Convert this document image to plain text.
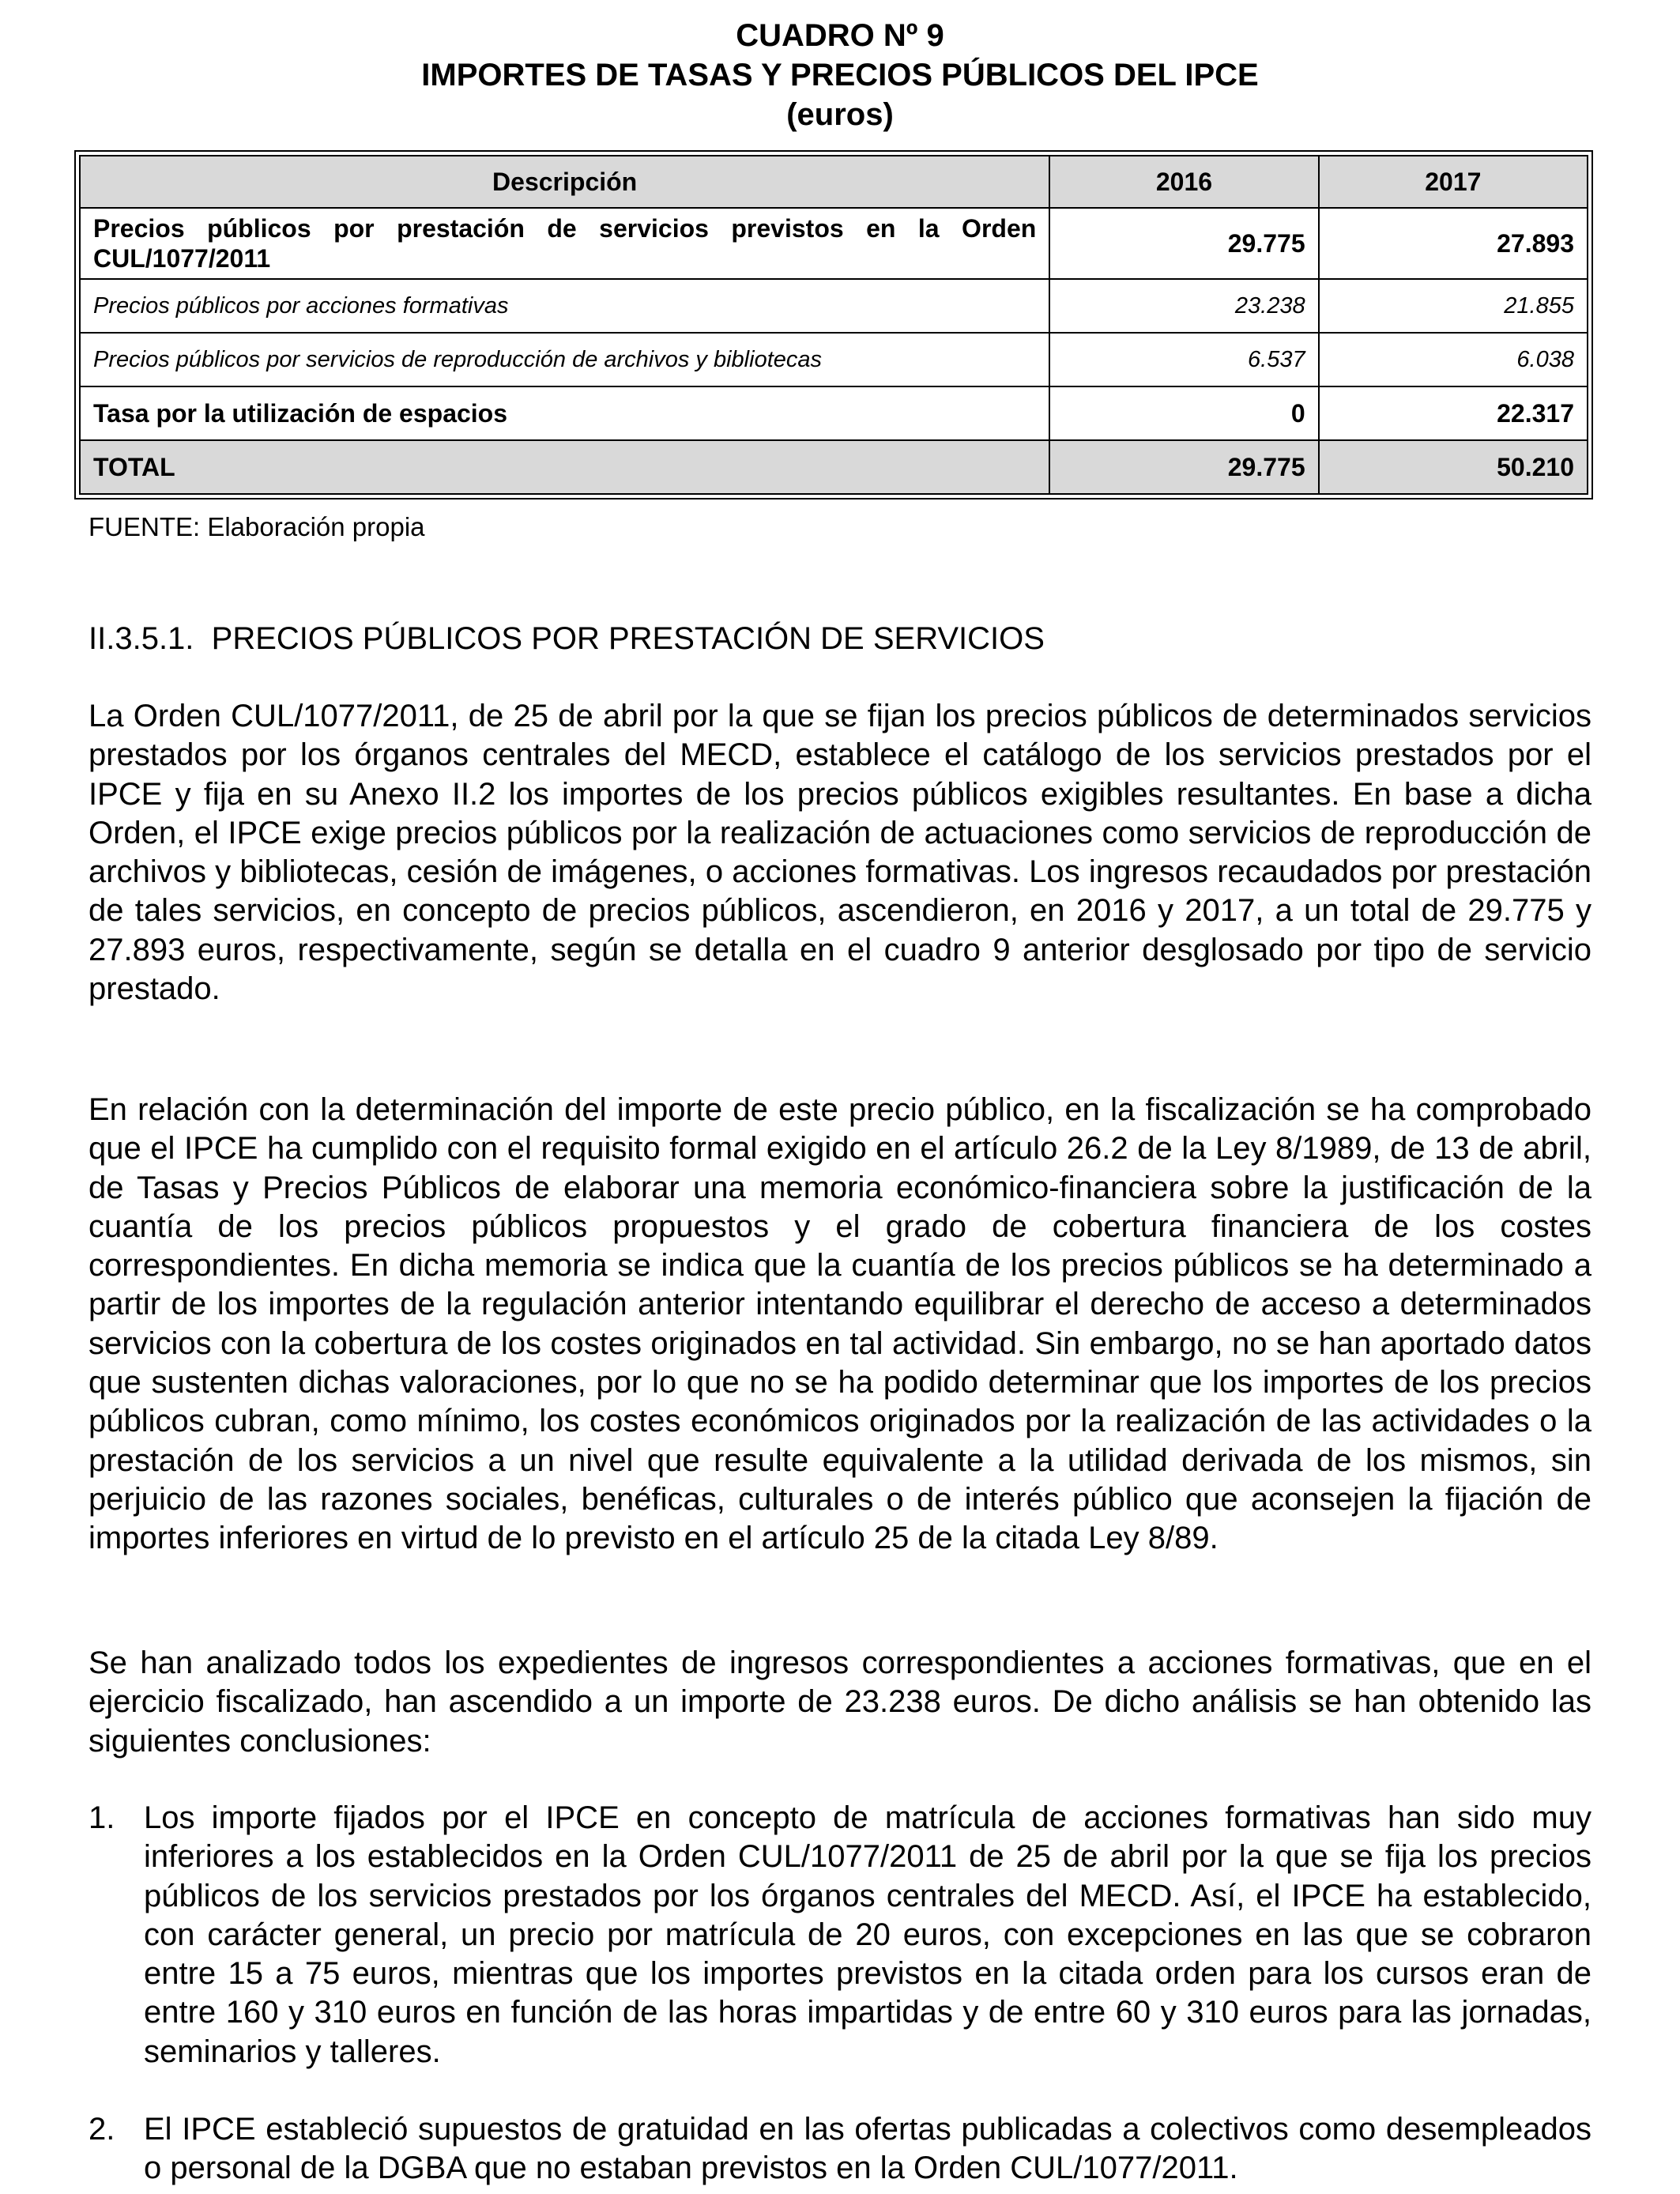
CUADRO Nº 9
IMPORTES DE TASAS Y PRECIOS PÚBLICOS DEL IPCE
(euros)
Descripción	2016	2017
Precios públicos por prestación de servicios previstos en la Orden CUL/1077/2011	29.775	27.893
Precios públicos por acciones formativas	23.238	21.855
Precios públicos por servicios de reproducción de archivos y bibliotecas	6.537	6.038
Tasa por la utilización de espacios	0	22.317
TOTAL	29.775	50.210
FUENTE: Elaboración propia
II.3.5.1.  PRECIOS PÚBLICOS POR PRESTACIÓN DE SERVICIOS
La Orden CUL/1077/2011, de 25 de abril por la que se fijan los precios públicos de determinados servicios prestados por los órganos centrales del MECD, establece el catálogo de los servicios prestados por el IPCE y fija en su Anexo II.2 los importes de los precios públicos exigibles resultantes. En base a dicha Orden, el IPCE exige precios públicos por la realización de actuaciones como servicios de reproducción de archivos y bibliotecas, cesión de imágenes, o acciones formativas. Los ingresos recaudados por prestación de tales servicios, en concepto de precios públicos, ascendieron, en 2016 y 2017, a un total de 29.775 y 27.893 euros, respectivamente, según se detalla en el cuadro 9 anterior desglosado por tipo de servicio prestado.
En relación con la determinación del importe de este precio público, en la fiscalización se ha comprobado que el IPCE ha cumplido con el requisito formal exigido en el artículo 26.2 de la Ley 8/1989, de 13 de abril, de Tasas y Precios Públicos de elaborar una memoria económico-financiera sobre la justificación de la cuantía de los precios públicos propuestos y el grado de cobertura financiera de los costes correspondientes. En dicha memoria se indica que la cuantía de los precios públicos se ha determinado a partir de los importes de la regulación anterior intentando equilibrar el derecho de acceso a determinados servicios con la cobertura de los costes originados en tal actividad. Sin embargo, no se han aportado datos que sustenten dichas valoraciones, por lo que no se ha podido determinar que los importes de los precios públicos cubran, como mínimo, los costes económicos originados por la realización de las actividades o la prestación de los servicios a un nivel que resulte equivalente a la utilidad derivada de los mismos, sin perjuicio de las razones sociales, benéficas, culturales o de interés público que aconsejen la fijación de importes inferiores en virtud de lo previsto en el artículo 25 de la citada Ley 8/89.
Se han analizado todos los expedientes de ingresos correspondientes a acciones formativas, que en el ejercicio fiscalizado, han ascendido a un importe de 23.238 euros. De dicho análisis se han obtenido las siguientes conclusiones:
1. Los importe fijados por el IPCE en concepto de matrícula de acciones formativas han sido muy inferiores a los establecidos en la Orden CUL/1077/2011 de 25 de abril por la que se fija los precios públicos de los servicios prestados por los órganos centrales del MECD. Así, el IPCE ha establecido, con carácter general, un precio por matrícula de 20 euros, con excepciones en las que se cobraron entre 15 a 75 euros, mientras que los importes previstos en la citada orden para los cursos eran de entre 160 y 310 euros en función de las horas impartidas y de entre 60 y 310 euros para las jornadas, seminarios y talleres.
2. El IPCE estableció supuestos de gratuidad en las ofertas publicadas a colectivos como desempleados o personal de la DGBA que no estaban previstos en la Orden CUL/1077/2011.
